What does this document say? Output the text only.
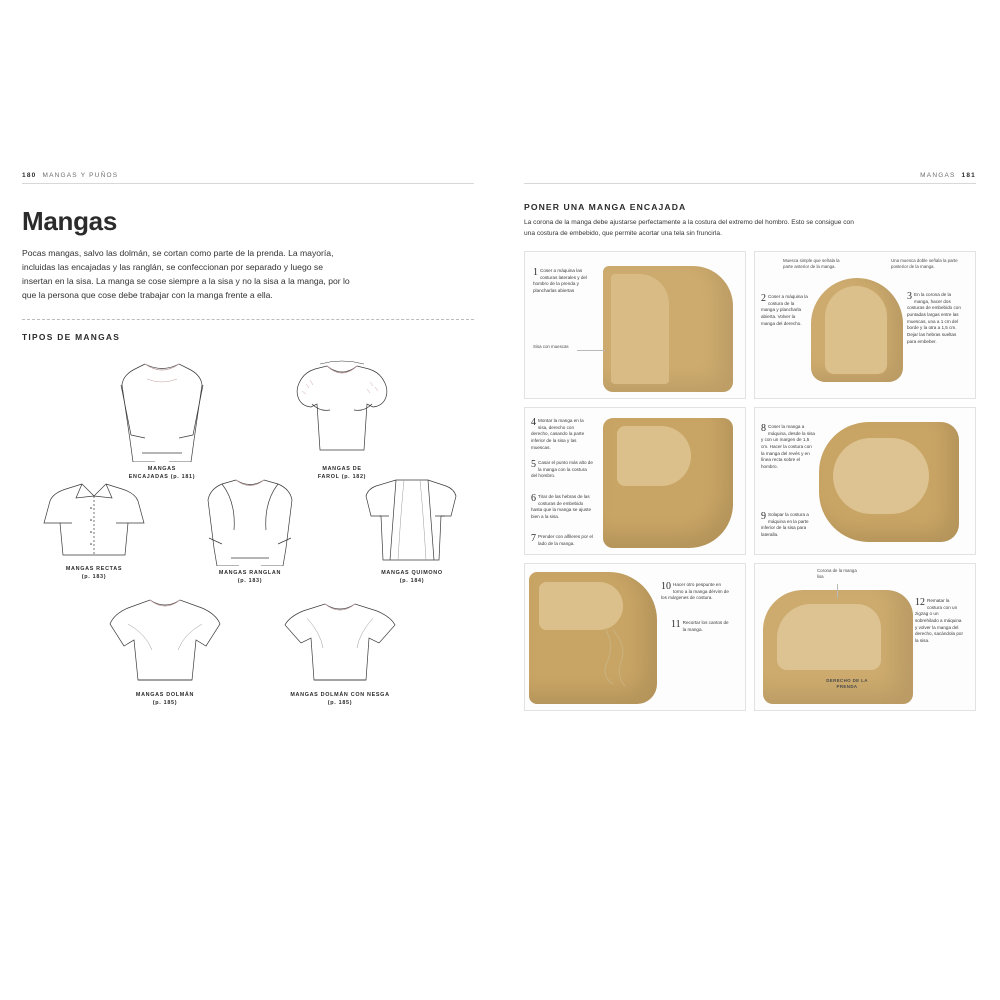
180 MANGAS Y PUÑOS
Mangas

Pocas mangas, salvo las dolmán, se cortan como parte de la prenda. La mayoría, incluidas las encajadas y las ranglán, se confeccionan por separado y luego se insertan en la sisa. La manga se cose siempre a la sisa y no la sisa a la manga, por lo que la persona que cose debe trabajar con la manga frente a ella.

TIPOS DE MANGAS
MANGAS
ENCAJADAS (p. 181)
MANGAS DE
FAROL (p. 182)
MANGAS RECTAS
(p. 183)
MANGAS RANGLAN
(p. 183)
MANGAS QUIMONO
(p. 184)
MANGAS DOLMÁN
(p. 185)
MANGAS DOLMÁN CON NESGA
(p. 185)
MANGAS 181
PONER UNA MANGA ENCAJADA

La corona de la manga debe ajustarse perfectamente a la costura del extremo del hombro. Esto se consigue con una costura de embebido, que permite acortar una tela sin fruncirla.

1 Coser a máquina las costuras laterales y del hombro de la prenda y plancharlas abiertas
Sisa con muescas
2 Coser a máquina la costura de la manga y plancharla abierta. Volver la manga del derecho.
3 En la corona de la manga, hacer dos costuras de embebido con puntadas largas entre las muescas, una a 1 cm del borde y la otra a 1,5 cm. Dejar las hebras sueltas para embeber.
Muesca simple que señala la parte anterior de la manga.
Una muesca doble señala la parte posterior de la manga.
4 Montar la manga en la sisa, derecho con derecho, casando la parte inferior de la sisa y las muescas.
5 Casar el punto más alto de la manga con la costura del hombro.
6 Tirar de las hebras de las costuras de embebido hasta que la manga se ajuste bien a la sisa.
7 Prender con alfileres por el lado de la manga.
8 Coser la manga a máquina, desde la sisa y con un margen de 1,5 cm. Hacer la costura con la manga del revés y en línea recta sobre el hombro.
9 Solapar la costura a máquina en la parte inferior de la sisa para lateralla.
10 Hacer otro pespunte en torno a la manga dérvim de los márgenes de costura.
11 Recortar los cantos de la manga.
Corona de la manga lisa
DERECHO DE LA PRENDA
12 Rematar la costura con un zigzag o un sobrehilado a máquina y volver la manga del derecho, sacándola por la sisa.
